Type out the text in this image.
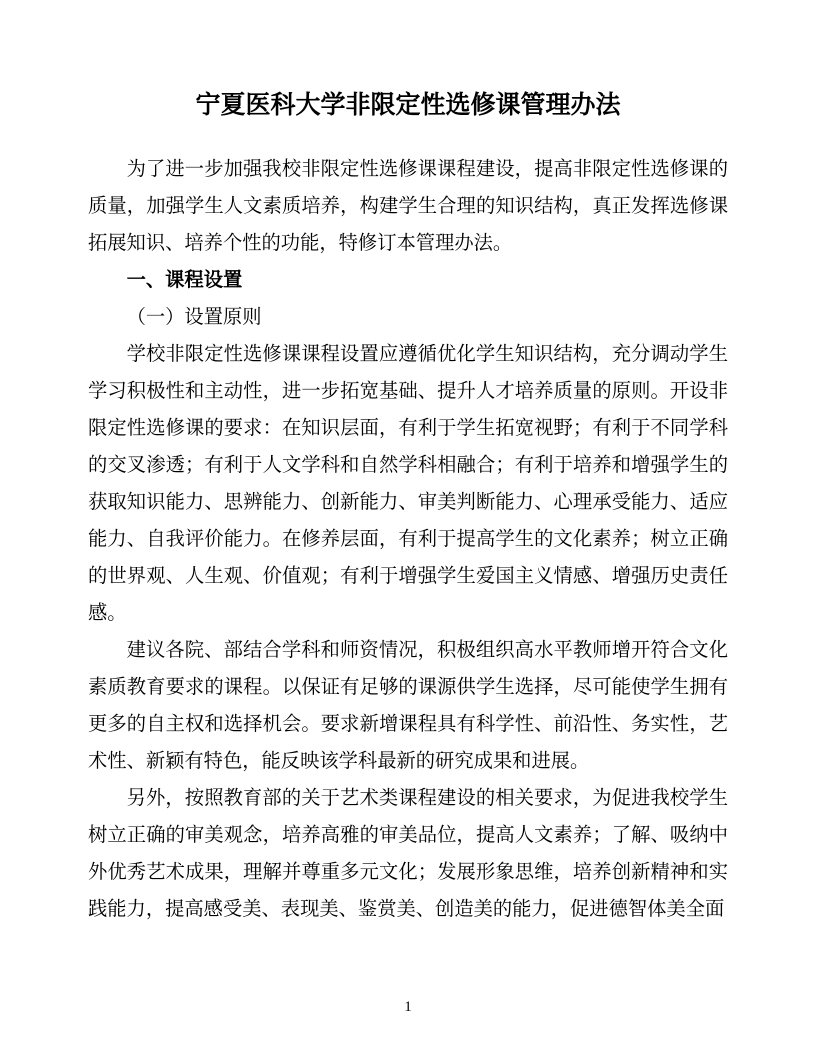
宁夏医科大学非限定性选修课管理办法

为了进一步加强我校非限定性选修课课程建设，提高非限定性选修课的质量，加强学生人文素质培养，构建学生合理的知识结构，真正发挥选修课拓展知识、培养个性的功能，特修订本管理办法。

一、课程设置

（一）设置原则

学校非限定性选修课课程设置应遵循优化学生知识结构，充分调动学生学习积极性和主动性，进一步拓宽基础、提升人才培养质量的原则。开设非限定性选修课的要求：在知识层面，有利于学生拓宽视野；有利于不同学科的交叉渗透；有利于人文学科和自然学科相融合；有利于培养和增强学生的获取知识能力、思辨能力、创新能力、审美判断能力、心理承受能力、适应能力、自我评价能力。在修养层面，有利于提高学生的文化素养；树立正确的世界观、人生观、价值观；有利于增强学生爱国主义情感、增强历史责任感。

建议各院、部结合学科和师资情况，积极组织高水平教师增开符合文化素质教育要求的课程。以保证有足够的课源供学生选择，尽可能使学生拥有更多的自主权和选择机会。要求新增课程具有科学性、前沿性、务实性，艺术性、新颖有特色，能反映该学科最新的研究成果和进展。

另外，按照教育部的关于艺术类课程建设的相关要求，为促进我校学生树立正确的审美观念，培养高雅的审美品位，提高人文素养；了解、吸纳中外优秀艺术成果，理解并尊重多元文化；发展形象思维，培养创新精神和实践能力，提高感受美、表现美、鉴赏美、创造美的能力，促进德智体美全面

1
